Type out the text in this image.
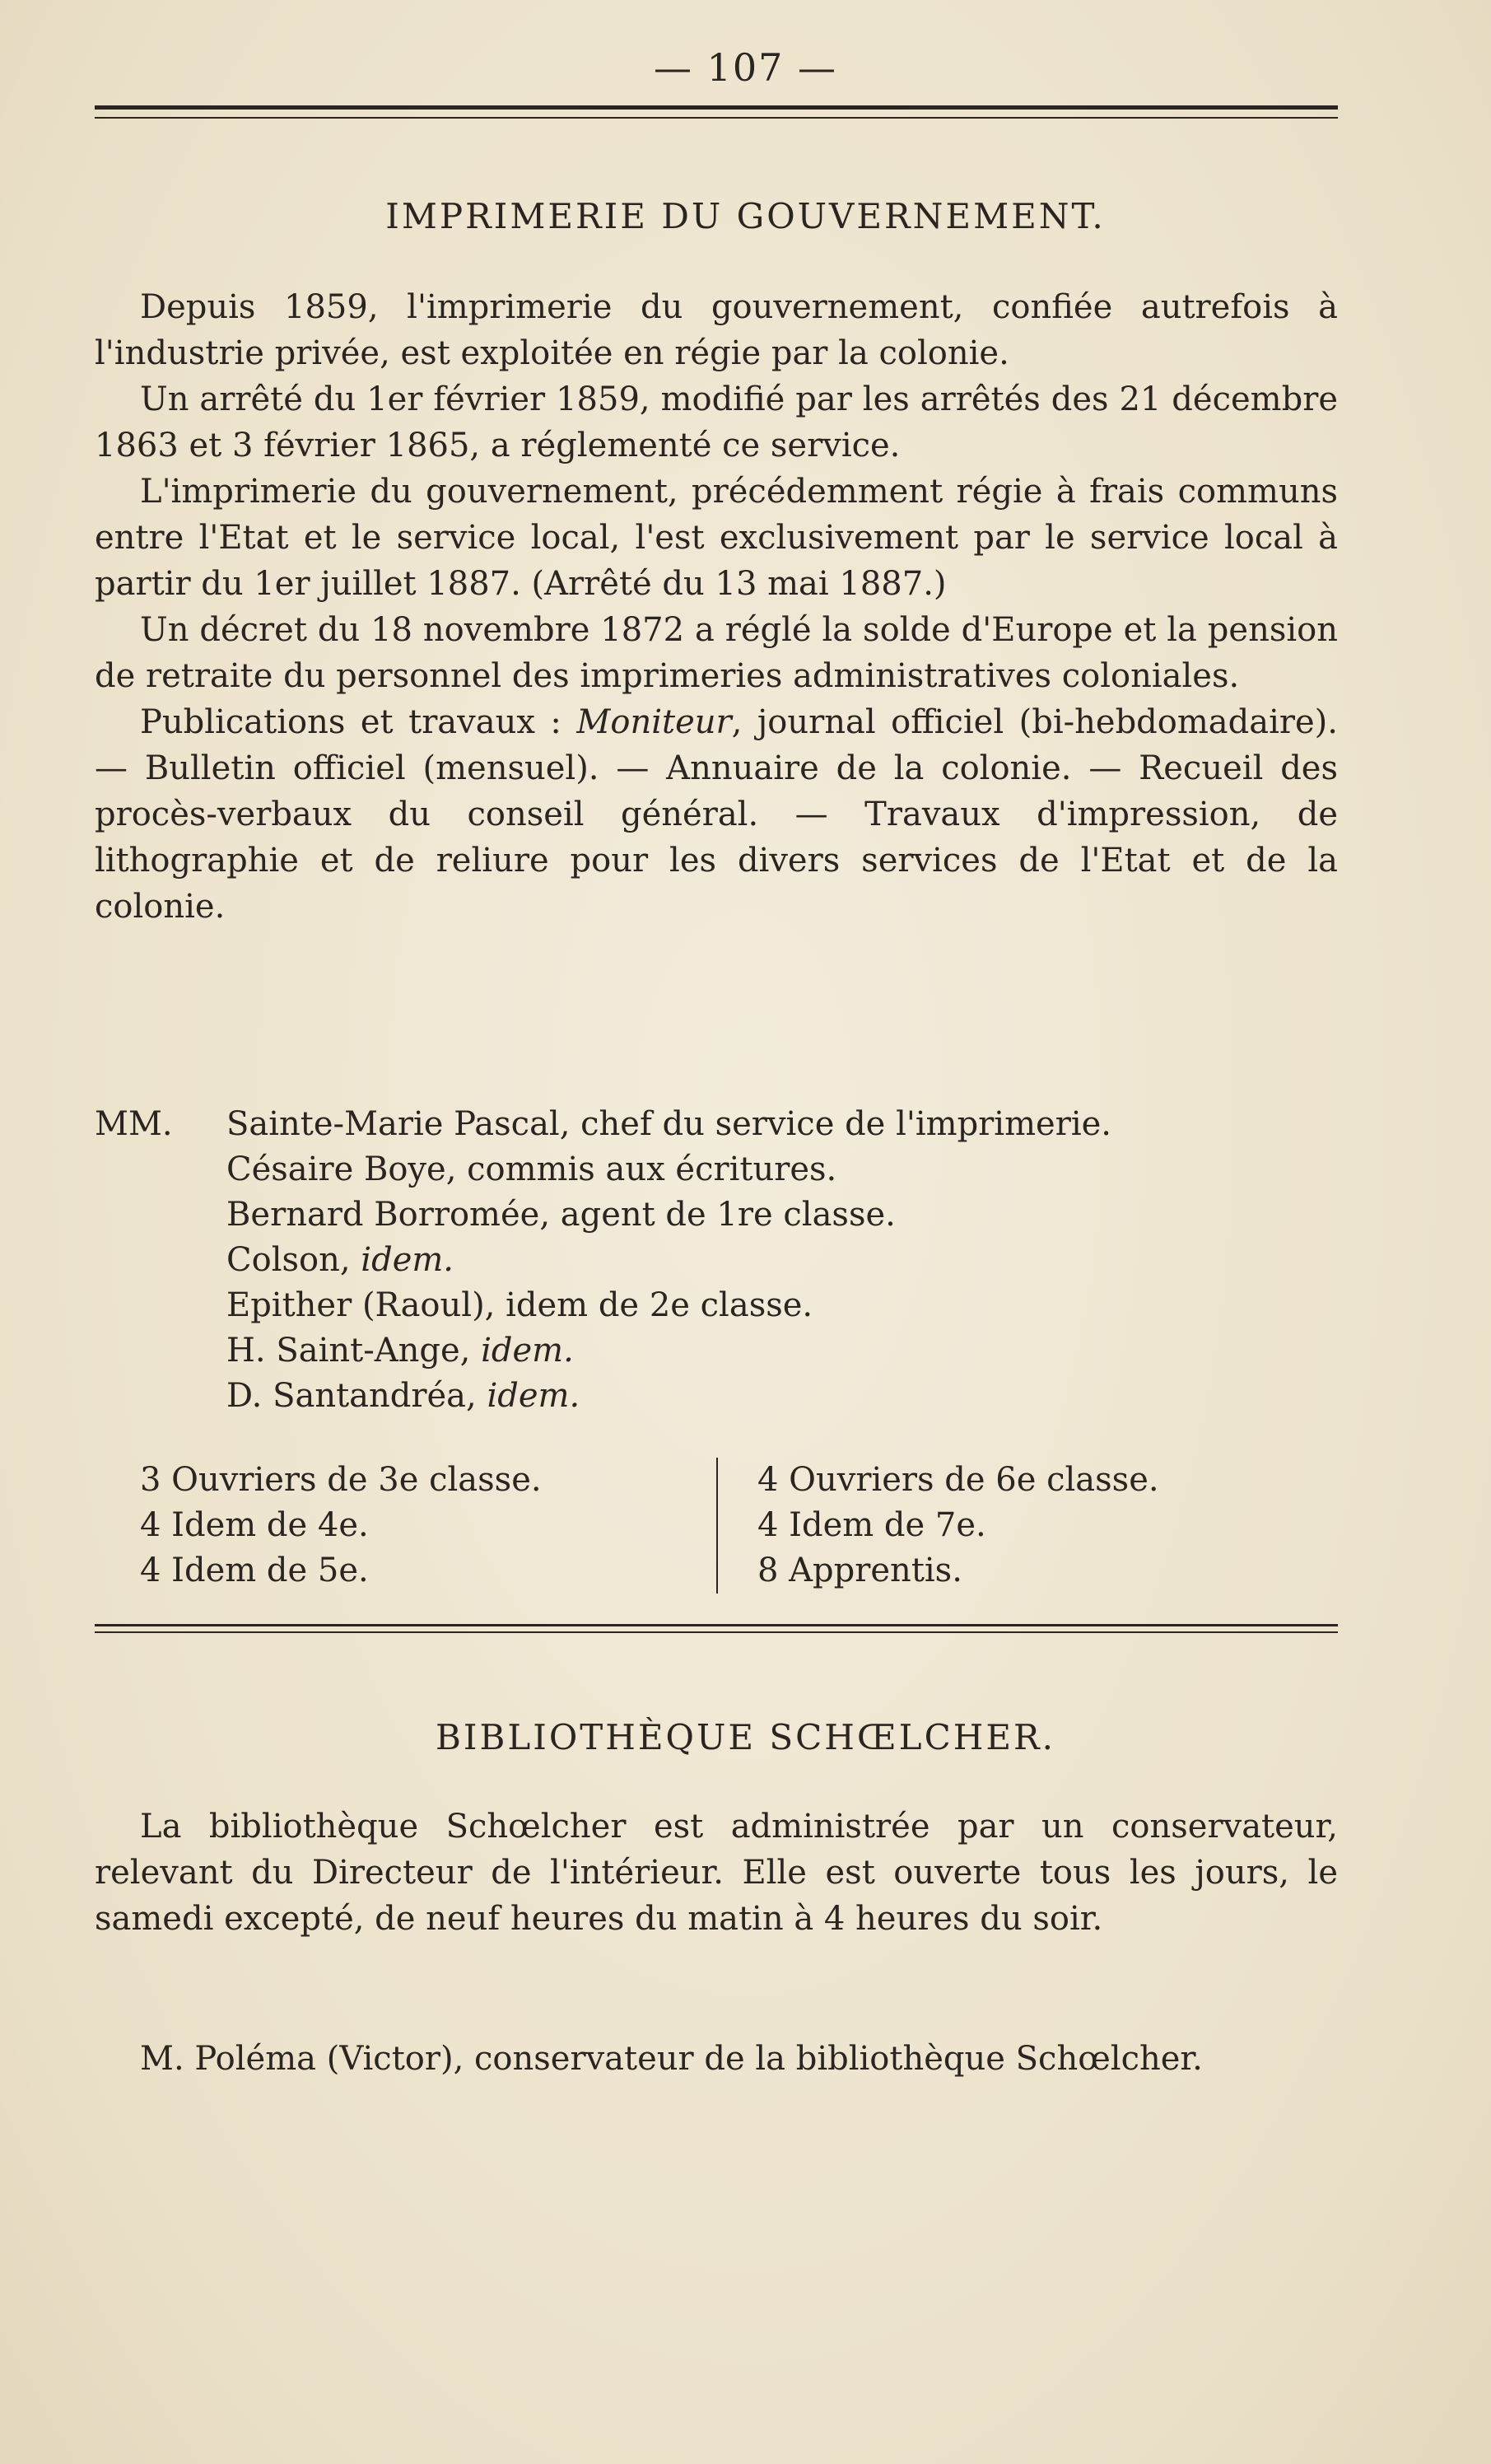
— 107 —
IMPRIMERIE DU GOUVERNEMENT.

Depuis 1859, l'imprimerie du gouvernement, confiée autrefois à l'industrie privée, est exploitée en régie par la colonie.

Un arrêté du 1er février 1859, modifié par les arrêtés des 21 décembre 1863 et 3 février 1865, a réglementé ce service.

L'imprimerie du gouvernement, précédemment régie à frais communs entre l'Etat et le service local, l'est exclusivement par le service local à partir du 1er juillet 1887. (Arrêté du 13 mai 1887.)

Un décret du 18 novembre 1872 a réglé la solde d'Europe et la pension de retraite du personnel des imprimeries administratives coloniales.

Publications et travaux : Moniteur, journal officiel (bi-hebdomadaire). — Bulletin officiel (mensuel). — Annuaire de la colonie. — Recueil des procès-verbaux du conseil général. — Travaux d'impression, de lithographie et de reliure pour les divers services de l'Etat et de la colonie.

MM.	Sainte-Marie Pascal, chef du service de l'imprimerie.
Césaire Boye, commis aux écritures.
Bernard Borromée, agent de 1re classe.
Colson, idem.
Epither (Raoul), idem de 2e classe.
H. Saint-Ange, idem.
D. Santandréa, idem.
3 Ouvriers de 3e classe.
4 Idem de 4e.
4 Idem de 5e.
4 Ouvriers de 6e classe.
4 Idem de 7e.
8 Apprentis.
BIBLIOTHÈQUE SCHŒLCHER.

La bibliothèque Schœlcher est administrée par un conservateur, relevant du Directeur de l'intérieur. Elle est ouverte tous les jours, le samedi excepté, de neuf heures du matin à 4 heures du soir.

M. Poléma (Victor), conservateur de la bibliothèque Schœlcher.
